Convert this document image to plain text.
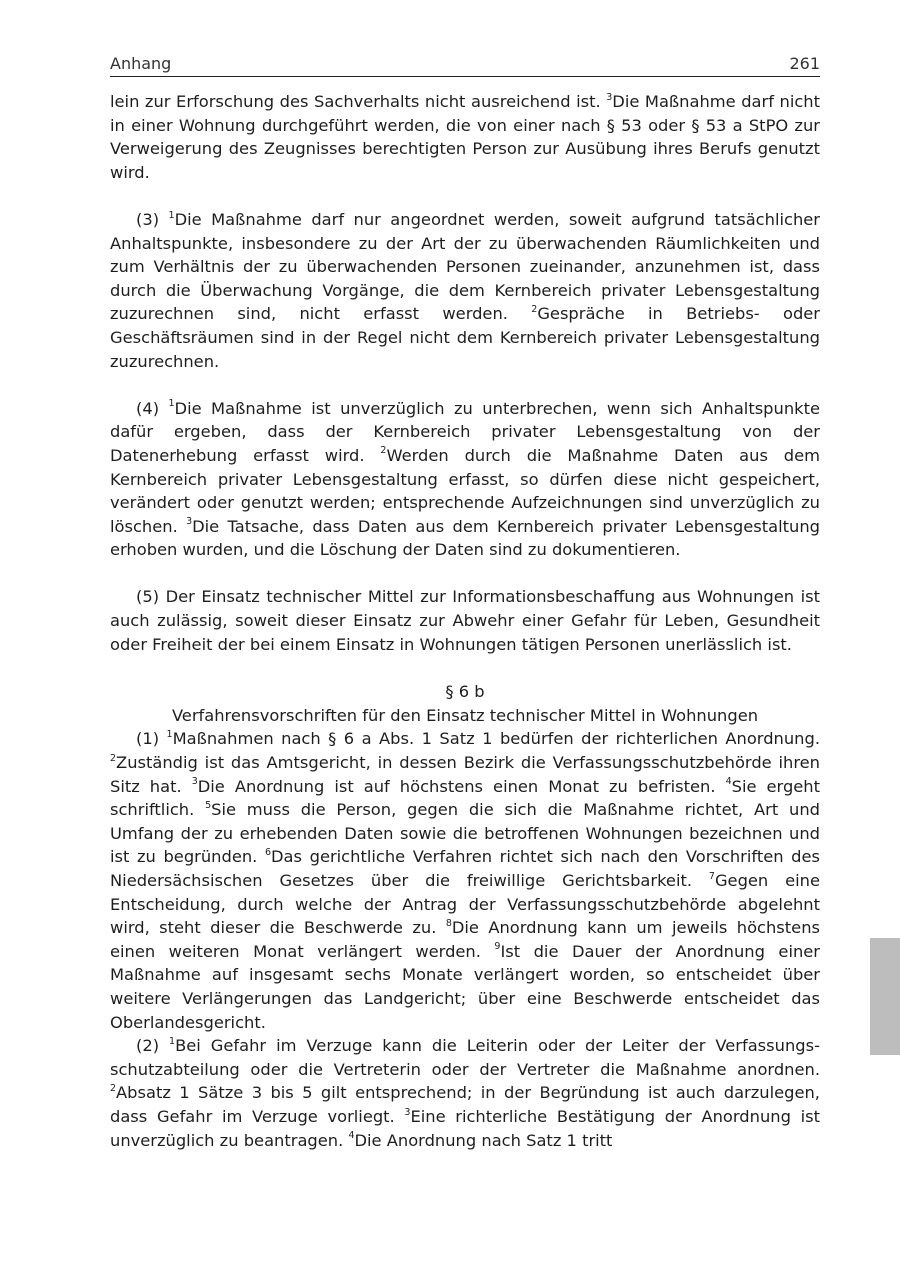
Anhang	261

lein zur Erforschung des Sachverhalts nicht ausreichend ist. $^3$Die Maßnahme darf nicht in einer Wohnung durchgeführt werden, die von einer nach § 53 oder § 53 a StPO zur Verweigerung des Zeugnisses berechtigten Person zur Ausübung ihres Berufs genutzt wird.

(3) $^1$Die Maßnahme darf nur angeordnet werden, soweit aufgrund tatsächlicher Anhaltspunkte, insbesondere zu der Art der zu überwachenden Räumlichkeiten und zum Verhältnis der zu überwachenden Personen zueinander, anzunehmen ist, dass durch die Überwachung Vorgänge, die dem Kernbereich privater Lebensgestaltung zuzurechnen sind, nicht erfasst werden. $^2$Gespräche in Betriebs- oder Geschäftsräumen sind in der Regel nicht dem Kernbereich privater Lebensgestaltung zuzurechnen.

(4) $^1$Die Maßnahme ist unverzüglich zu unterbrechen, wenn sich Anhaltspunkte dafür ergeben, dass der Kernbereich privater Lebensgestaltung von der Datenerhebung erfasst wird. $^2$Werden durch die Maßnahme Daten aus dem Kernbereich privater Lebensgestaltung erfasst, so dürfen diese nicht gespeichert, verändert oder genutzt werden; entsprechende Aufzeichnungen sind unverzüglich zu löschen. $^3$Die Tatsache, dass Daten aus dem Kernbereich privater Lebensgestaltung erhoben wurden, und die Löschung der Daten sind zu dokumentieren.

(5) Der Einsatz technischer Mittel zur Informationsbeschaffung aus Wohnungen ist auch zulässig, soweit dieser Einsatz zur Abwehr einer Gefahr für Leben, Gesundheit oder Freiheit der bei einem Einsatz in Wohnungen tätigen Personen unerlässlich ist.

§ 6 b
Verfahrensvorschriften für den Einsatz technischer Mittel in Wohnungen

(1) $^1$Maßnahmen nach § 6 a Abs. 1 Satz 1 bedürfen der richterlichen Anordnung. $^2$Zuständig ist das Amtsgericht, in dessen Bezirk die Verfassungsschutzbehörde ihren Sitz hat. $^3$Die Anordnung ist auf höchstens einen Monat zu befristen. $^4$Sie ergeht schriftlich. $^5$Sie muss die Person, gegen die sich die Maßnahme richtet, Art und Umfang der zu erhebenden Daten sowie die betroffenen Wohnungen bezeichnen und ist zu begründen. $^6$Das gerichtliche Verfahren richtet sich nach den Vorschriften des Niedersächsischen Gesetzes über die freiwillige Gerichtsbarkeit. $^7$Gegen eine Entscheidung, durch welche der Antrag der Verfassungsschutzbehörde abgelehnt wird, steht dieser die Beschwerde zu. $^8$Die Anordnung kann um jeweils höchstens einen weiteren Monat verlängert werden. $^9$Ist die Dauer der Anordnung einer Maßnahme auf insgesamt sechs Monate verlängert worden, so entscheidet über weitere Verlängerungen das Landgericht; über eine Beschwerde entscheidet das Oberlandesgericht.

(2) $^1$Bei Gefahr im Verzuge kann die Leiterin oder der Leiter der Verfassungsschutzabteilung oder die Vertreterin oder der Vertreter die Maßnahme anordnen. $^2$Absatz 1 Sätze 3 bis 5 gilt entsprechend; in der Begründung ist auch darzulegen, dass Gefahr im Verzuge vorliegt. $^3$Eine richterliche Bestätigung der Anordnung ist unverzüglich zu beantragen. $^4$Die Anordnung nach Satz 1 tritt
